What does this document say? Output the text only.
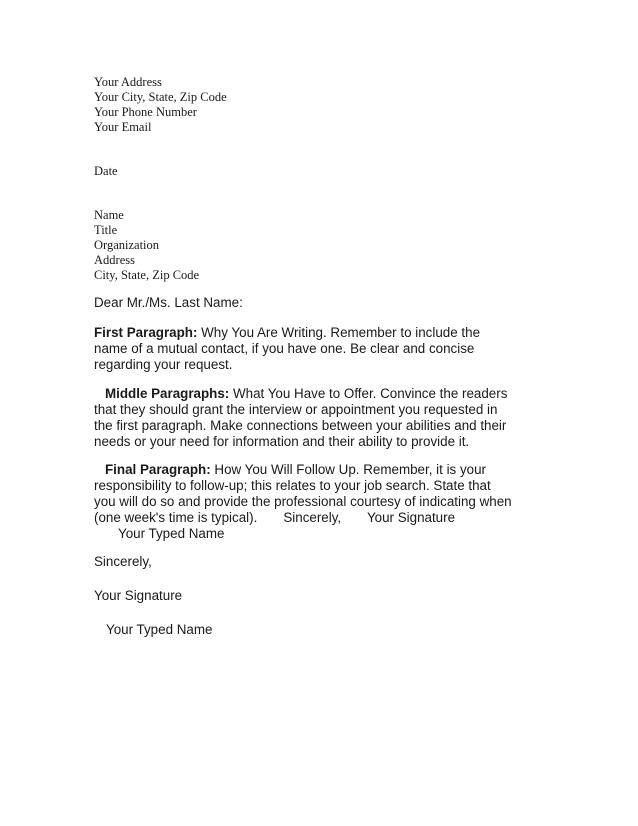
Your Address
Your City, State, Zip Code
Your Phone Number
Your Email
Date
Name
Title
Organization
Address
City, State, Zip Code
Dear Mr./Ms. Last Name:
First Paragraph: Why You Are Writing. Remember to include the
name of a mutual contact, if you have one. Be clear and concise
regarding your request.
Middle Paragraphs: What You Have to Offer. Convince the readers
that they should grant the interview or appointment you requested in
the first paragraph. Make connections between your abilities and their
needs or your need for information and their ability to provide it.
Final Paragraph: How You Will Follow Up. Remember, it is your
responsibility to follow-up; this relates to your job search. State that
you will do so and provide the professional courtesy of indicating when
(one week's time is typical).       Sincerely,       Your Signature
Your Typed Name
Sincerely,
Your Signature
Your Typed Name
